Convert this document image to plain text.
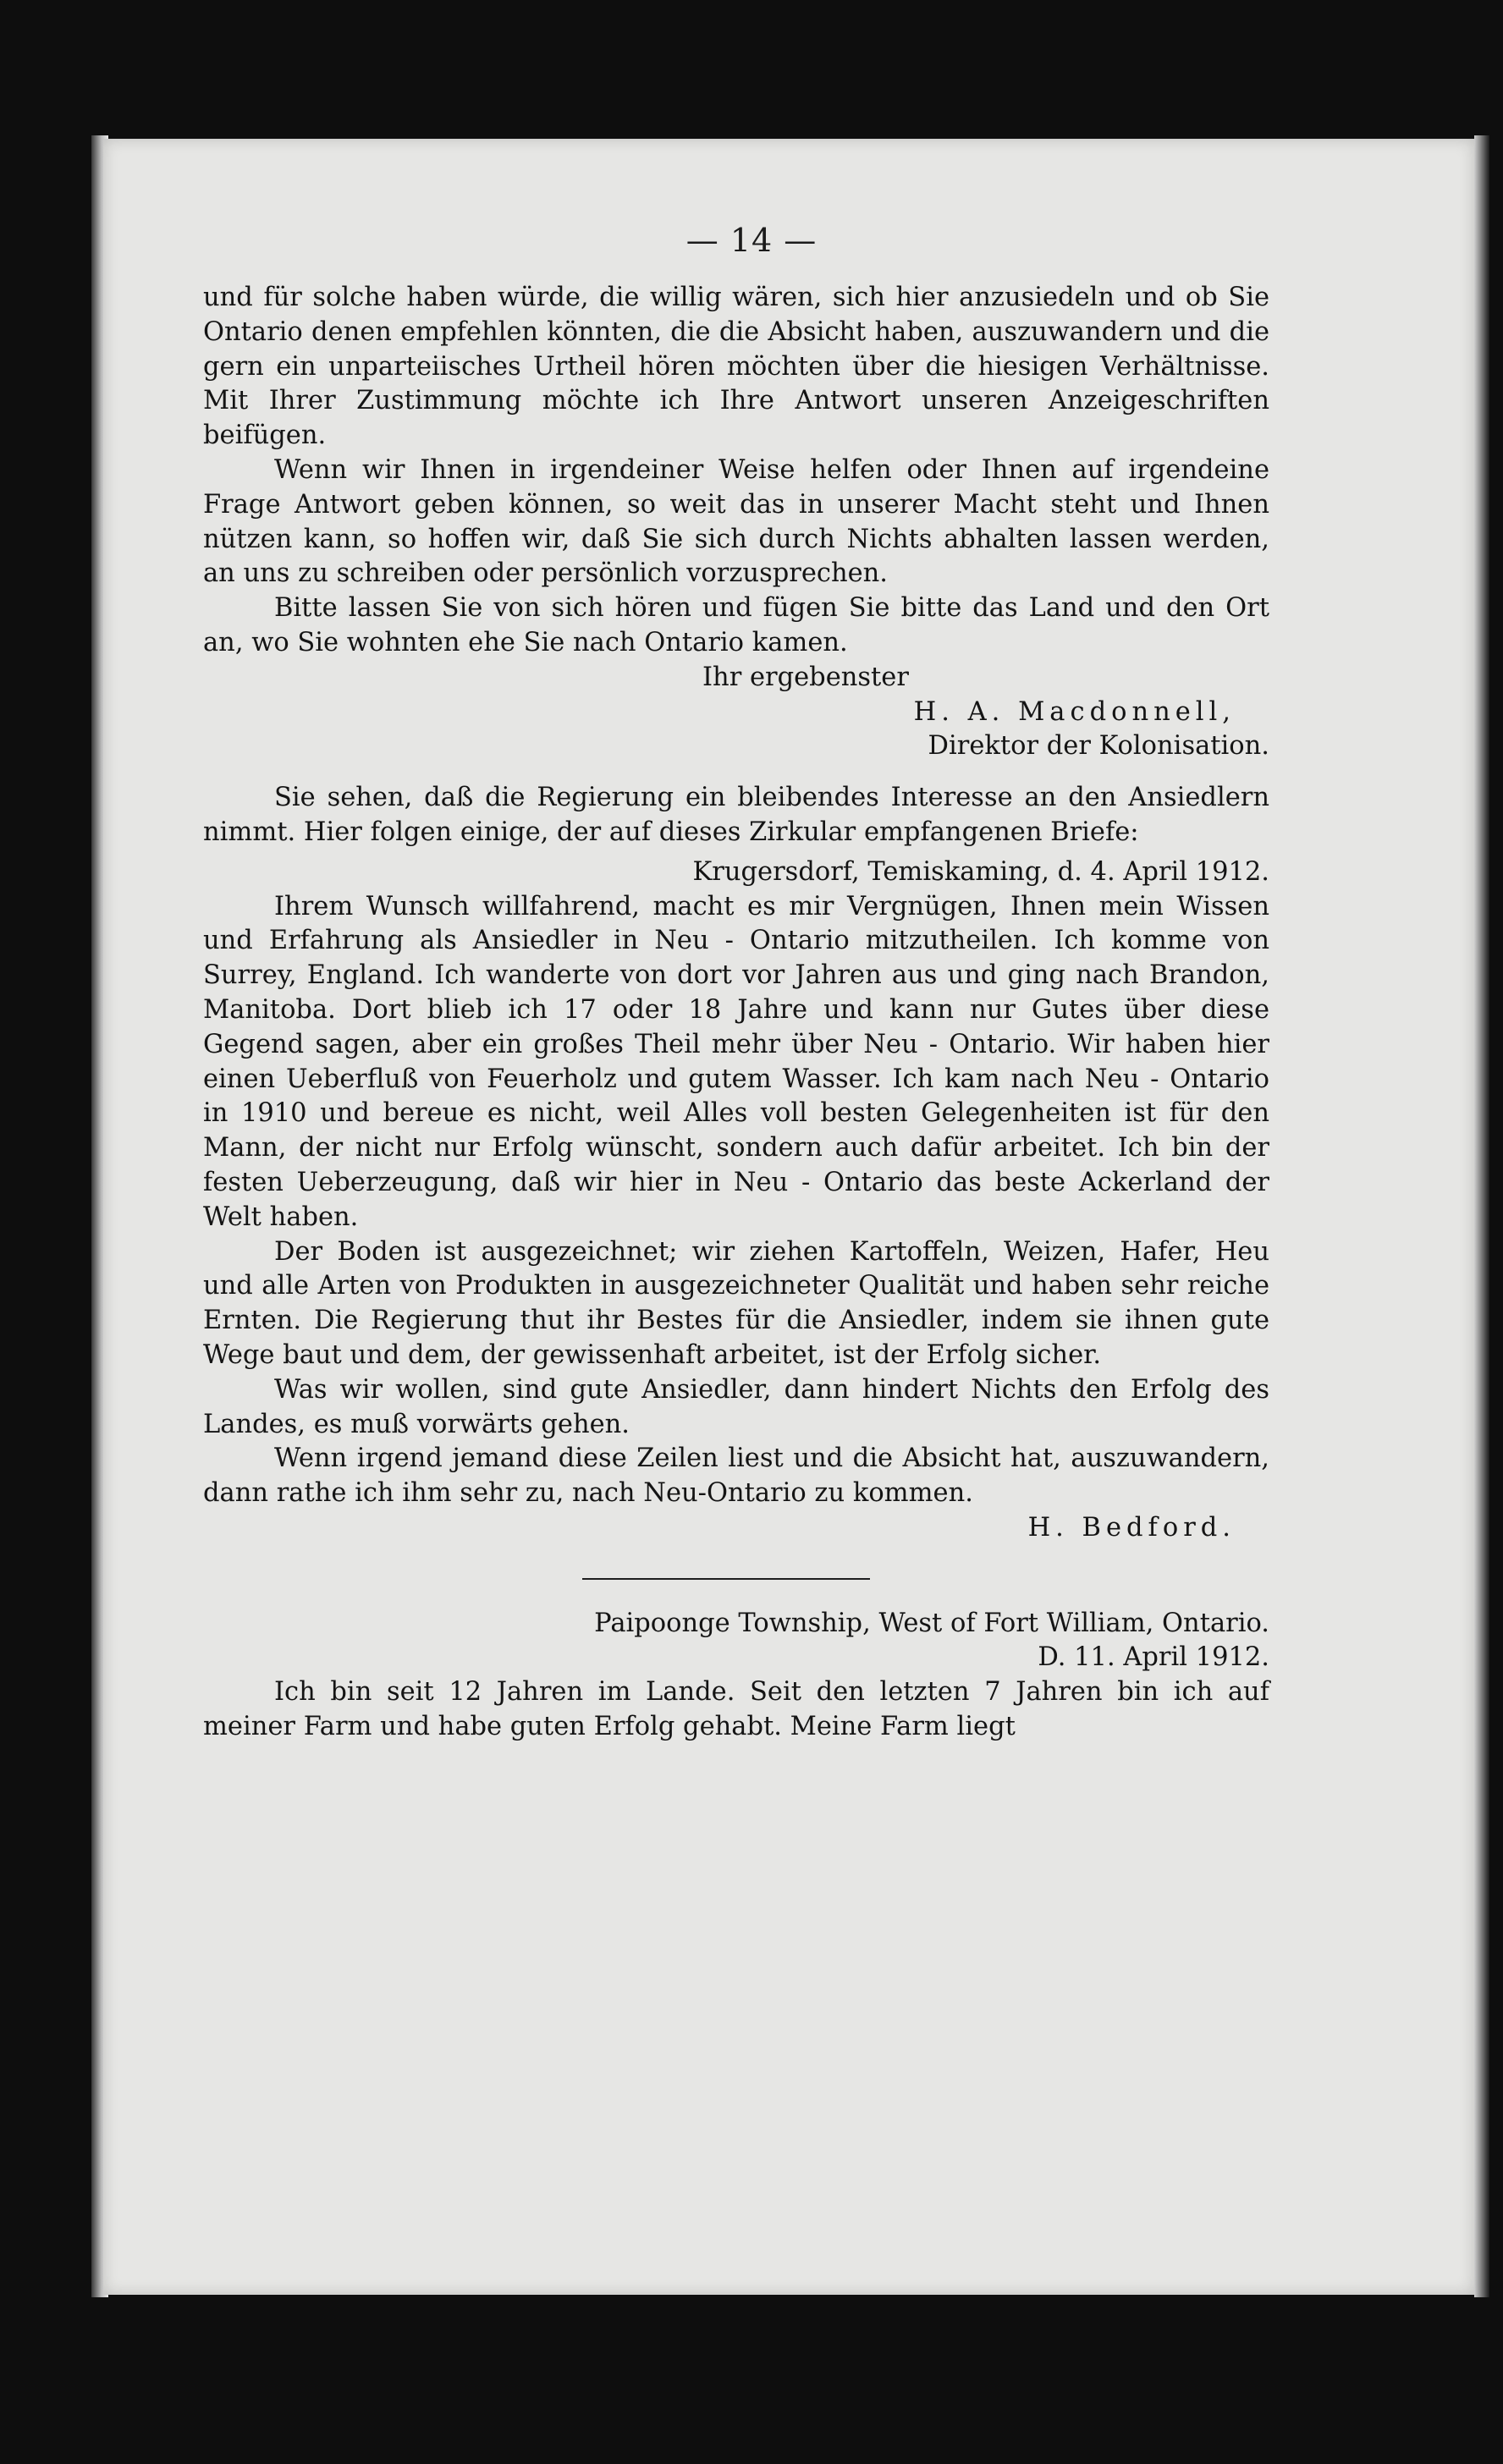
— 14 —

und für solche haben würde, die willig wären, sich hier anzusiedeln und ob Sie Ontario denen empfehlen könnten, die die Absicht haben, auszuwandern und die gern ein unparteiisches Urtheil hören möchten über die hiesigen Verhältnisse. Mit Ihrer Zustimmung möchte ich Ihre Antwort unseren Anzeigeschriften beifügen.

Wenn wir Ihnen in irgendeiner Weise helfen oder Ihnen auf irgendeine Frage Antwort geben können, so weit das in unserer Macht steht und Ihnen nützen kann, so hoffen wir, daß Sie sich durch Nichts abhalten lassen werden, an uns zu schreiben oder persönlich vorzusprechen.

Bitte lassen Sie von sich hören und fügen Sie bitte das Land und den Ort an, wo Sie wohnten ehe Sie nach Ontario kamen.

Ihr ergebenster

H. A. Macdonnell,

Direktor der Kolonisation.

Sie sehen, daß die Regierung ein bleibendes Interesse an den Ansiedlern nimmt. Hier folgen einige, der auf dieses Zirkular empfangenen Briefe:

Krugersdorf, Temiskaming, d. 4. April 1912.

Ihrem Wunsch willfahrend, macht es mir Vergnügen, Ihnen mein Wissen und Erfahrung als Ansiedler in Neu - Ontario mitzutheilen. Ich komme von Surrey, England. Ich wanderte von dort vor Jahren aus und ging nach Brandon, Manitoba. Dort blieb ich 17 oder 18 Jahre und kann nur Gutes über diese Gegend sagen, aber ein großes Theil mehr über Neu - Ontario. Wir haben hier einen Ueberfluß von Feuerholz und gutem Wasser. Ich kam nach Neu - Ontario in 1910 und bereue es nicht, weil Alles voll besten Gelegenheiten ist für den Mann, der nicht nur Erfolg wünscht, sondern auch dafür arbeitet. Ich bin der festen Ueberzeugung, daß wir hier in Neu - Ontario das beste Ackerland der Welt haben.

Der Boden ist ausgezeichnet; wir ziehen Kartoffeln, Weizen, Hafer, Heu und alle Arten von Produkten in ausgezeichneter Qualität und haben sehr reiche Ernten. Die Regierung thut ihr Bestes für die Ansiedler, indem sie ihnen gute Wege baut und dem, der gewissenhaft arbeitet, ist der Erfolg sicher.

Was wir wollen, sind gute Ansiedler, dann hindert Nichts den Erfolg des Landes, es muß vorwärts gehen.

Wenn irgend jemand diese Zeilen liest und die Absicht hat, auszuwandern, dann rathe ich ihm sehr zu, nach Neu-Ontario zu kommen.

H. Bedford.

Paipoonge Township, West of Fort William, Ontario.

D. 11. April 1912.

Ich bin seit 12 Jahren im Lande. Seit den letzten 7 Jahren bin ich auf meiner Farm und habe guten Erfolg gehabt. Meine Farm liegt
